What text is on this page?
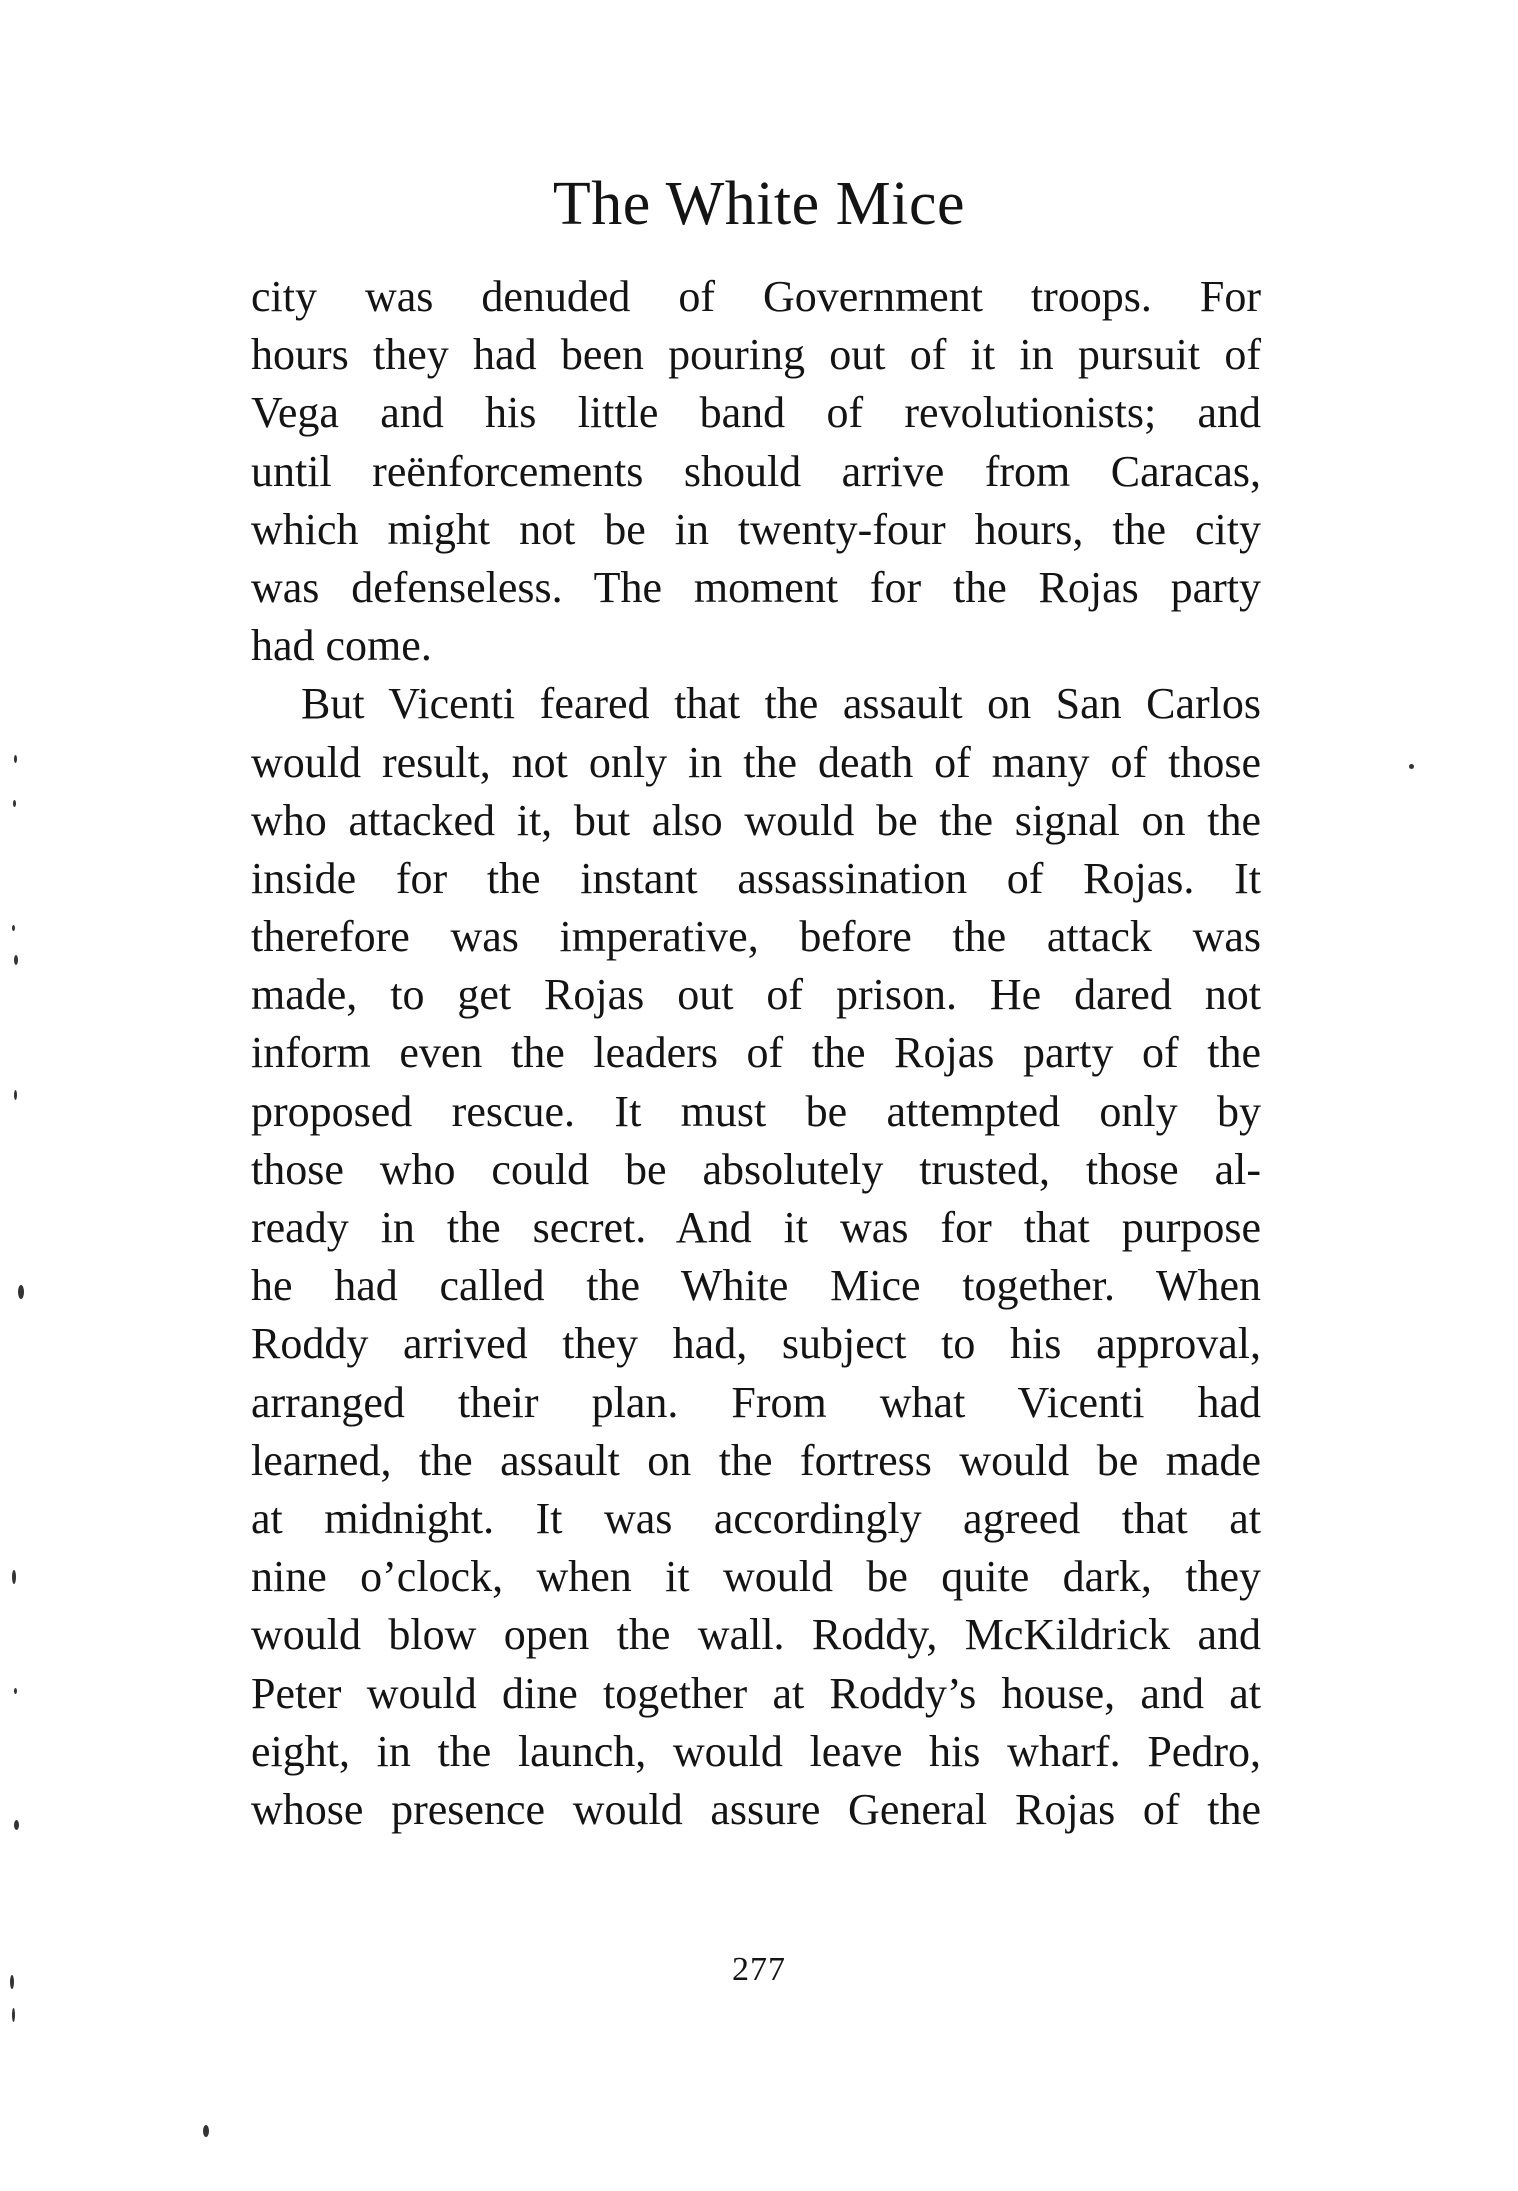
The White Mice
city was denuded of Government troops. For
hours they had been pouring out of it in pursuit of
Vega and his little band of revolutionists; and
until reënforcements should arrive from Caracas,
which might not be in twenty-four hours, the city
was defenseless. The moment for the Rojas party
had come.
But Vicenti feared that the assault on San Carlos
would result, not only in the death of many of those
who attacked it, but also would be the signal on the
inside for the instant assassination of Rojas. It
therefore was imperative, before the attack was
made, to get Rojas out of prison. He dared not
inform even the leaders of the Rojas party of the
proposed rescue. It must be attempted only by
those who could be absolutely trusted, those al-
ready in the secret. And it was for that purpose
he had called the White Mice together. When
Roddy arrived they had, subject to his approval,
arranged their plan. From what Vicenti had
learned, the assault on the fortress would be made
at midnight. It was accordingly agreed that at
nine o’clock, when it would be quite dark, they
would blow open the wall. Roddy, McKildrick and
Peter would dine together at Roddy’s house, and at
eight, in the launch, would leave his wharf. Pedro,
whose presence would assure General Rojas of the
277
